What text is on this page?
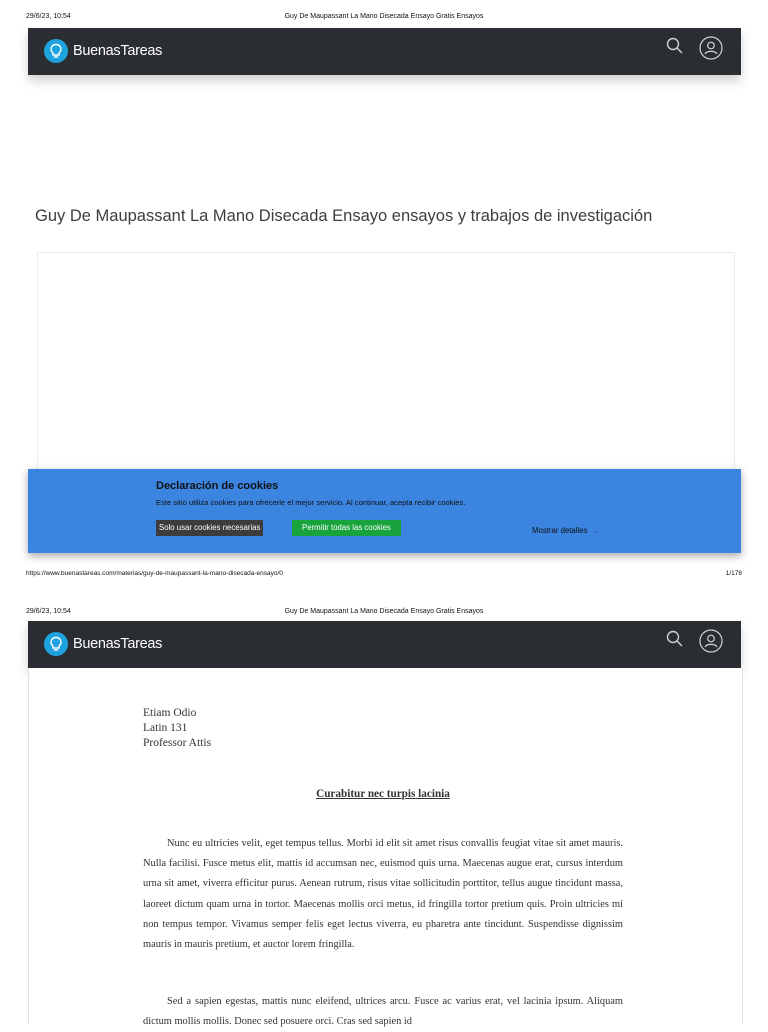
29/6/23, 10:54	Guy De Maupassant La Mano Disecada Ensayo Gratis Ensayos
BuenasTareas
Guy De Maupassant La Mano Disecada Ensayo ensayos y trabajos de investigación
Declaración de cookies
Este sitio utiliza cookies para ofrecerle el mejor servicio. Al continuar, acepta recibir cookies.
Solo usar cookies necesarias	Permitir todas las cookies	Mostrar detalles ⌄
https://www.buenastareas.com/materias/guy-de-maupassant-la-mano-disecada-ensayo/0	1/178
29/6/23, 10:54	Guy De Maupassant La Mano Disecada Ensayo Gratis Ensayos
BuenasTareas
Etiam Odio
Latin 131
Professor Attis
Curabitur nec turpis lacinia
Nunc eu ultricies velit, eget tempus tellus. Morbi id elit sit amet risus convallis feugiat vitae sit amet mauris. Nulla facilisi. Fusce metus elit, mattis id accumsan nec, euismod quis urna. Maecenas augue erat, cursus interdum urna sit amet, viverra efficitur purus. Aenean rutrum, risus vitae sollicitudin porttitor, tellus augue tincidunt massa, laoreet dictum quam urna in tortor. Maecenas mollis orci metus, id fringilla tortor pretium quis. Proin ultricies mi non tempus tempor. Vivamus semper felis eget lectus viverra, eu pharetra ante tincidunt. Suspendisse dignissim mauris in mauris pretium, et auctor lorem fringilla.
Sed a sapien egestas, mattis nunc eleifend, ultrices arcu. Fusce ac varius erat, vel lacinia ipsum. Aliquam dictum mollis mollis. Donec sed posuere orci. Cras sed sapien id
